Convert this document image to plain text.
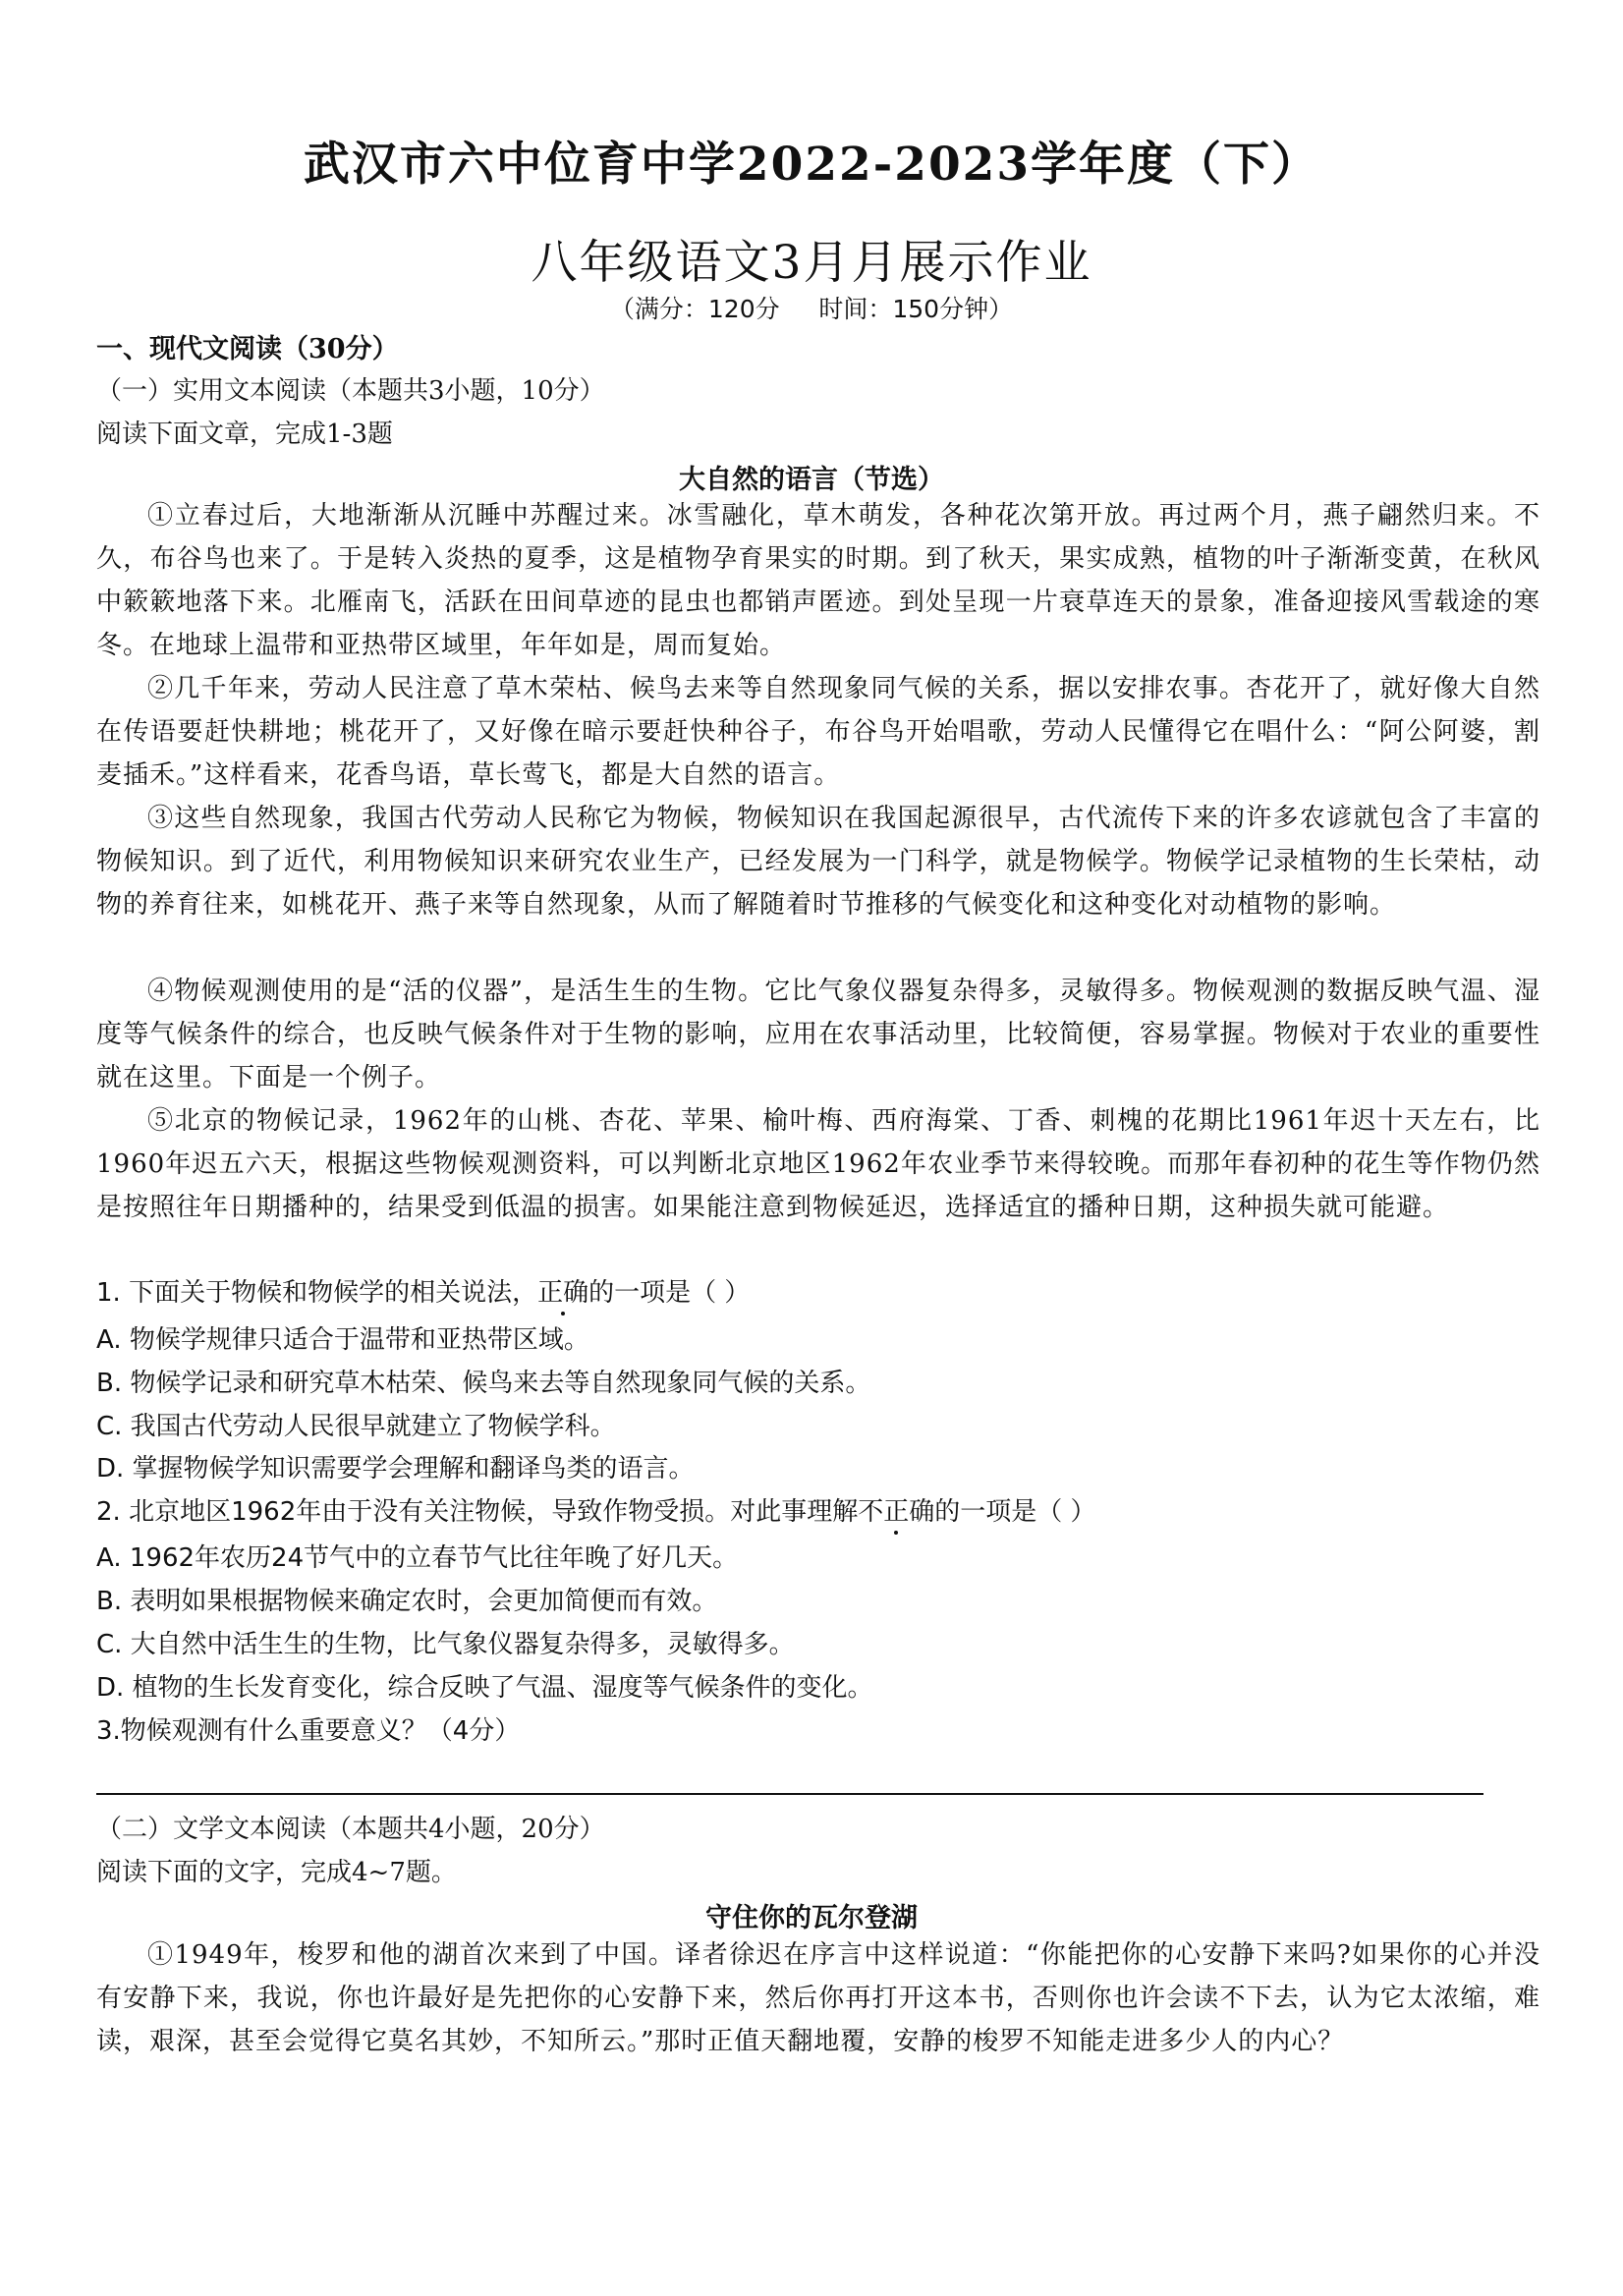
武汉市六中位育中学2022-2023学年度（下）
八年级语文3月月展示作业
（满分：120分     时间：150分钟）
一、现代文阅读（30分）
（一）实用文本阅读（本题共3小题，10分）
阅读下面文章，完成1-3题
大自然的语言（节选）
①立春过后，大地渐渐从沉睡中苏醒过来。冰雪融化，草木萌发，各种花次第开放。再过两个月，燕子翩然归来。不久，布谷鸟也来了。于是转入炎热的夏季，这是植物孕育果实的时期。到了秋天，果实成熟，植物的叶子渐渐变黄，在秋风中簌簌地落下来。北雁南飞，活跃在田间草迹的昆虫也都销声匿迹。到处呈现一片衰草连天的景象，准备迎接风雪载途的寒冬。在地球上温带和亚热带区域里，年年如是，周而复始。
②几千年来，劳动人民注意了草木荣枯、候鸟去来等自然现象同气候的关系，据以安排农事。杏花开了，就好像大自然在传语要赶快耕地；桃花开了，又好像在暗示要赶快种谷子，布谷鸟开始唱歌，劳动人民懂得它在唱什么：“阿公阿婆，割麦插禾。”这样看来，花香鸟语，草长莺飞，都是大自然的语言。
③这些自然现象，我国古代劳动人民称它为物候，物候知识在我国起源很早，古代流传下来的许多农谚就包含了丰富的物候知识。到了近代，利用物候知识来研究农业生产，已经发展为一门科学，就是物候学。物候学记录植物的生长荣枯，动物的养育往来，如桃花开、燕子来等自然现象，从而了解随着时节推移的气候变化和这种变化对动植物的影响。
④物候观测使用的是“活的仪器”，是活生生的生物。它比气象仪器复杂得多，灵敏得多。物候观测的数据反映气温、湿度等气候条件的综合，也反映气候条件对于生物的影响，应用在农事活动里，比较简便，容易掌握。物候对于农业的重要性就在这里。下面是一个例子。
⑤北京的物候记录，1962年的山桃、杏花、苹果、榆叶梅、西府海棠、丁香、刺槐的花期比1961年迟十天左右，比1960年迟五六天，根据这些物候观测资料，可以判断北京地区1962年农业季节来得较晚。而那年春初种的花生等作物仍然是按照往年日期播种的，结果受到低温的损害。如果能注意到物候延迟，选择适宜的播种日期，这种损失就可能避。
1. 下面关于物候和物候学的相关说法，正确的一项是（ ）
A. 物候学规律只适合于温带和亚热带区域。
B. 物候学记录和研究草木枯荣、候鸟来去等自然现象同气候的关系。
C. 我国古代劳动人民很早就建立了物候学科。
D. 掌握物候学知识需要学会理解和翻译鸟类的语言。
2. 北京地区1962年由于没有关注物候，导致作物受损。对此事理解不正确的一项是（ ）
A. 1962年农历24节气中的立春节气比往年晚了好几天。
B. 表明如果根据物候来确定农时，会更加简便而有效。
C. 大自然中活生生的生物，比气象仪器复杂得多，灵敏得多。
D. 植物的生长发育变化，综合反映了气温、湿度等气候条件的变化。
3.物候观测有什么重要意义？（4分）
（二）文学文本阅读（本题共4小题，20分）
阅读下面的文字，完成4~7题。
守住你的瓦尔登湖
①1949年，梭罗和他的湖首次来到了中国。译者徐迟在序言中这样说道：“你能把你的心安静下来吗?如果你的心并没有安静下来，我说，你也许最好是先把你的心安静下来，然后你再打开这本书，否则你也许会读不下去，认为它太浓缩，难读，艰深，甚至会觉得它莫名其妙，不知所云。”那时正值天翻地覆，安静的梭罗不知能走进多少人的内心？
